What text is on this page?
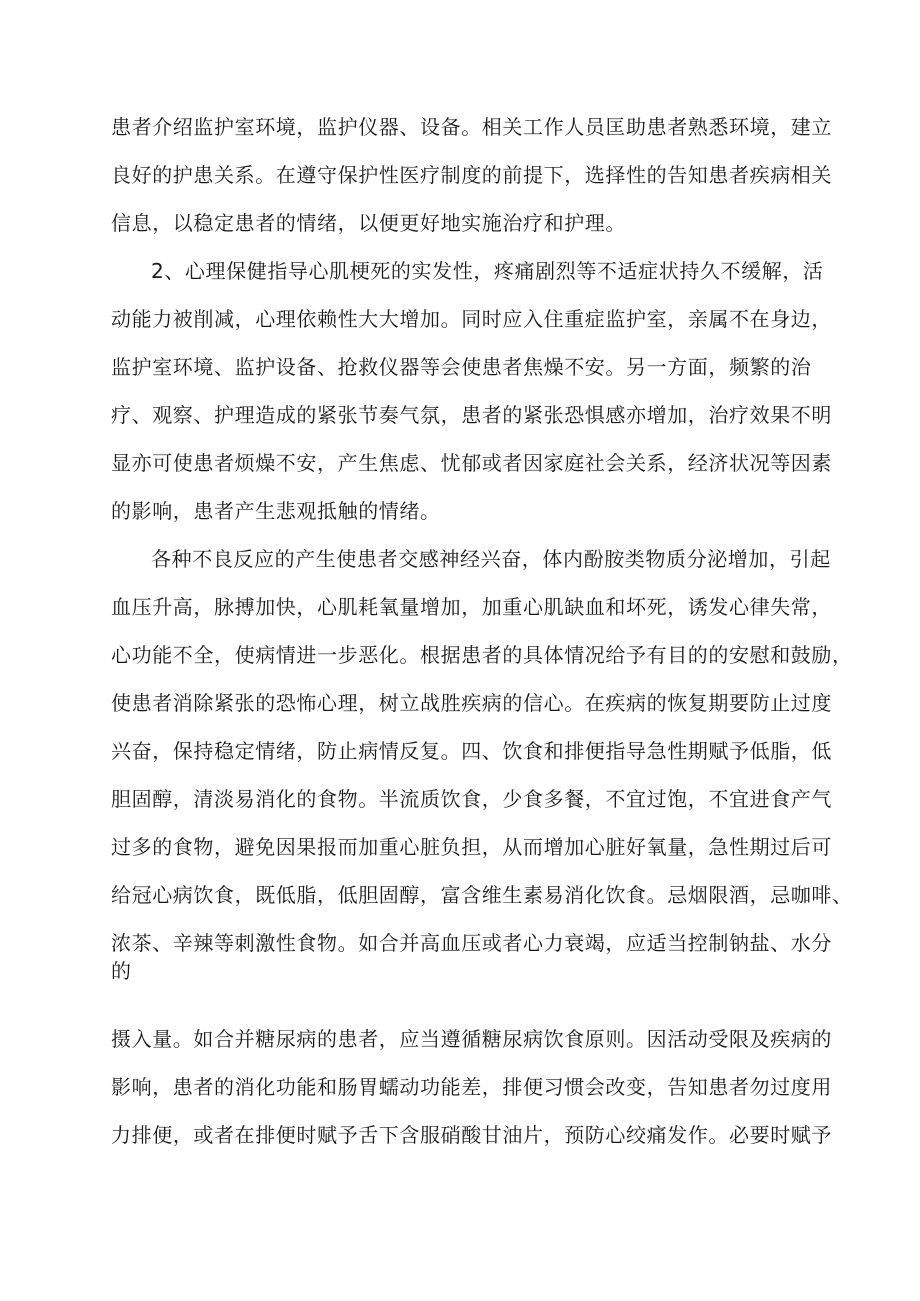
患者介绍监护室环境，监护仪器、设备。相关工作人员匡助患者熟悉环境，建立
良好的护患关系。在遵守保护性医疗制度的前提下，选择性的告知患者疾病相关
信息，以稳定患者的情绪，以便更好地实施治疗和护理。
2、心理保健指导心肌梗死的实发性，疼痛剧烈等不适症状持久不缓解，活
动能力被削减，心理依赖性大大增加。同时应入住重症监护室，亲属不在身边，
监护室环境、监护设备、抢救仪器等会使患者焦燥不安。另一方面，频繁的治
疗、观察、护理造成的紧张节奏气氛，患者的紧张恐惧感亦增加，治疗效果不明
显亦可使患者烦燥不安，产生焦虑、忧郁或者因家庭社会关系，经济状况等因素
的影响，患者产生悲观抵触的情绪。
各种不良反应的产生使患者交感神经兴奋，体内酚胺类物质分泌增加，引起
血压升高，脉搏加快，心肌耗氧量增加，加重心肌缺血和坏死，诱发心律失常，
心功能不全，使病情进一步恶化。根据患者的具体情况给予有目的的安慰和鼓励，
使患者消除紧张的恐怖心理，树立战胜疾病的信心。在疾病的恢复期要防止过度
兴奋，保持稳定情绪，防止病情反复。四、饮食和排便指导急性期赋予低脂，低
胆固醇，清淡易消化的食物。半流质饮食，少食多餐，不宜过饱，不宜进食产气
过多的食物，避免因果报而加重心脏负担，从而增加心脏好氧量，急性期过后可
给冠心病饮食，既低脂，低胆固醇，富含维生素易消化饮食。忌烟限酒，忌咖啡、
浓茶、辛辣等刺激性食物。如合并高血压或者心力衰竭，应适当控制钠盐、水分
的
摄入量。如合并糖尿病的患者，应当遵循糖尿病饮食原则。因活动受限及疾病的
影响，患者的消化功能和肠胃蠕动功能差，排便习惯会改变，告知患者勿过度用
力排便，或者在排便时赋予舌下含服硝酸甘油片，预防心绞痛发作。必要时赋予
